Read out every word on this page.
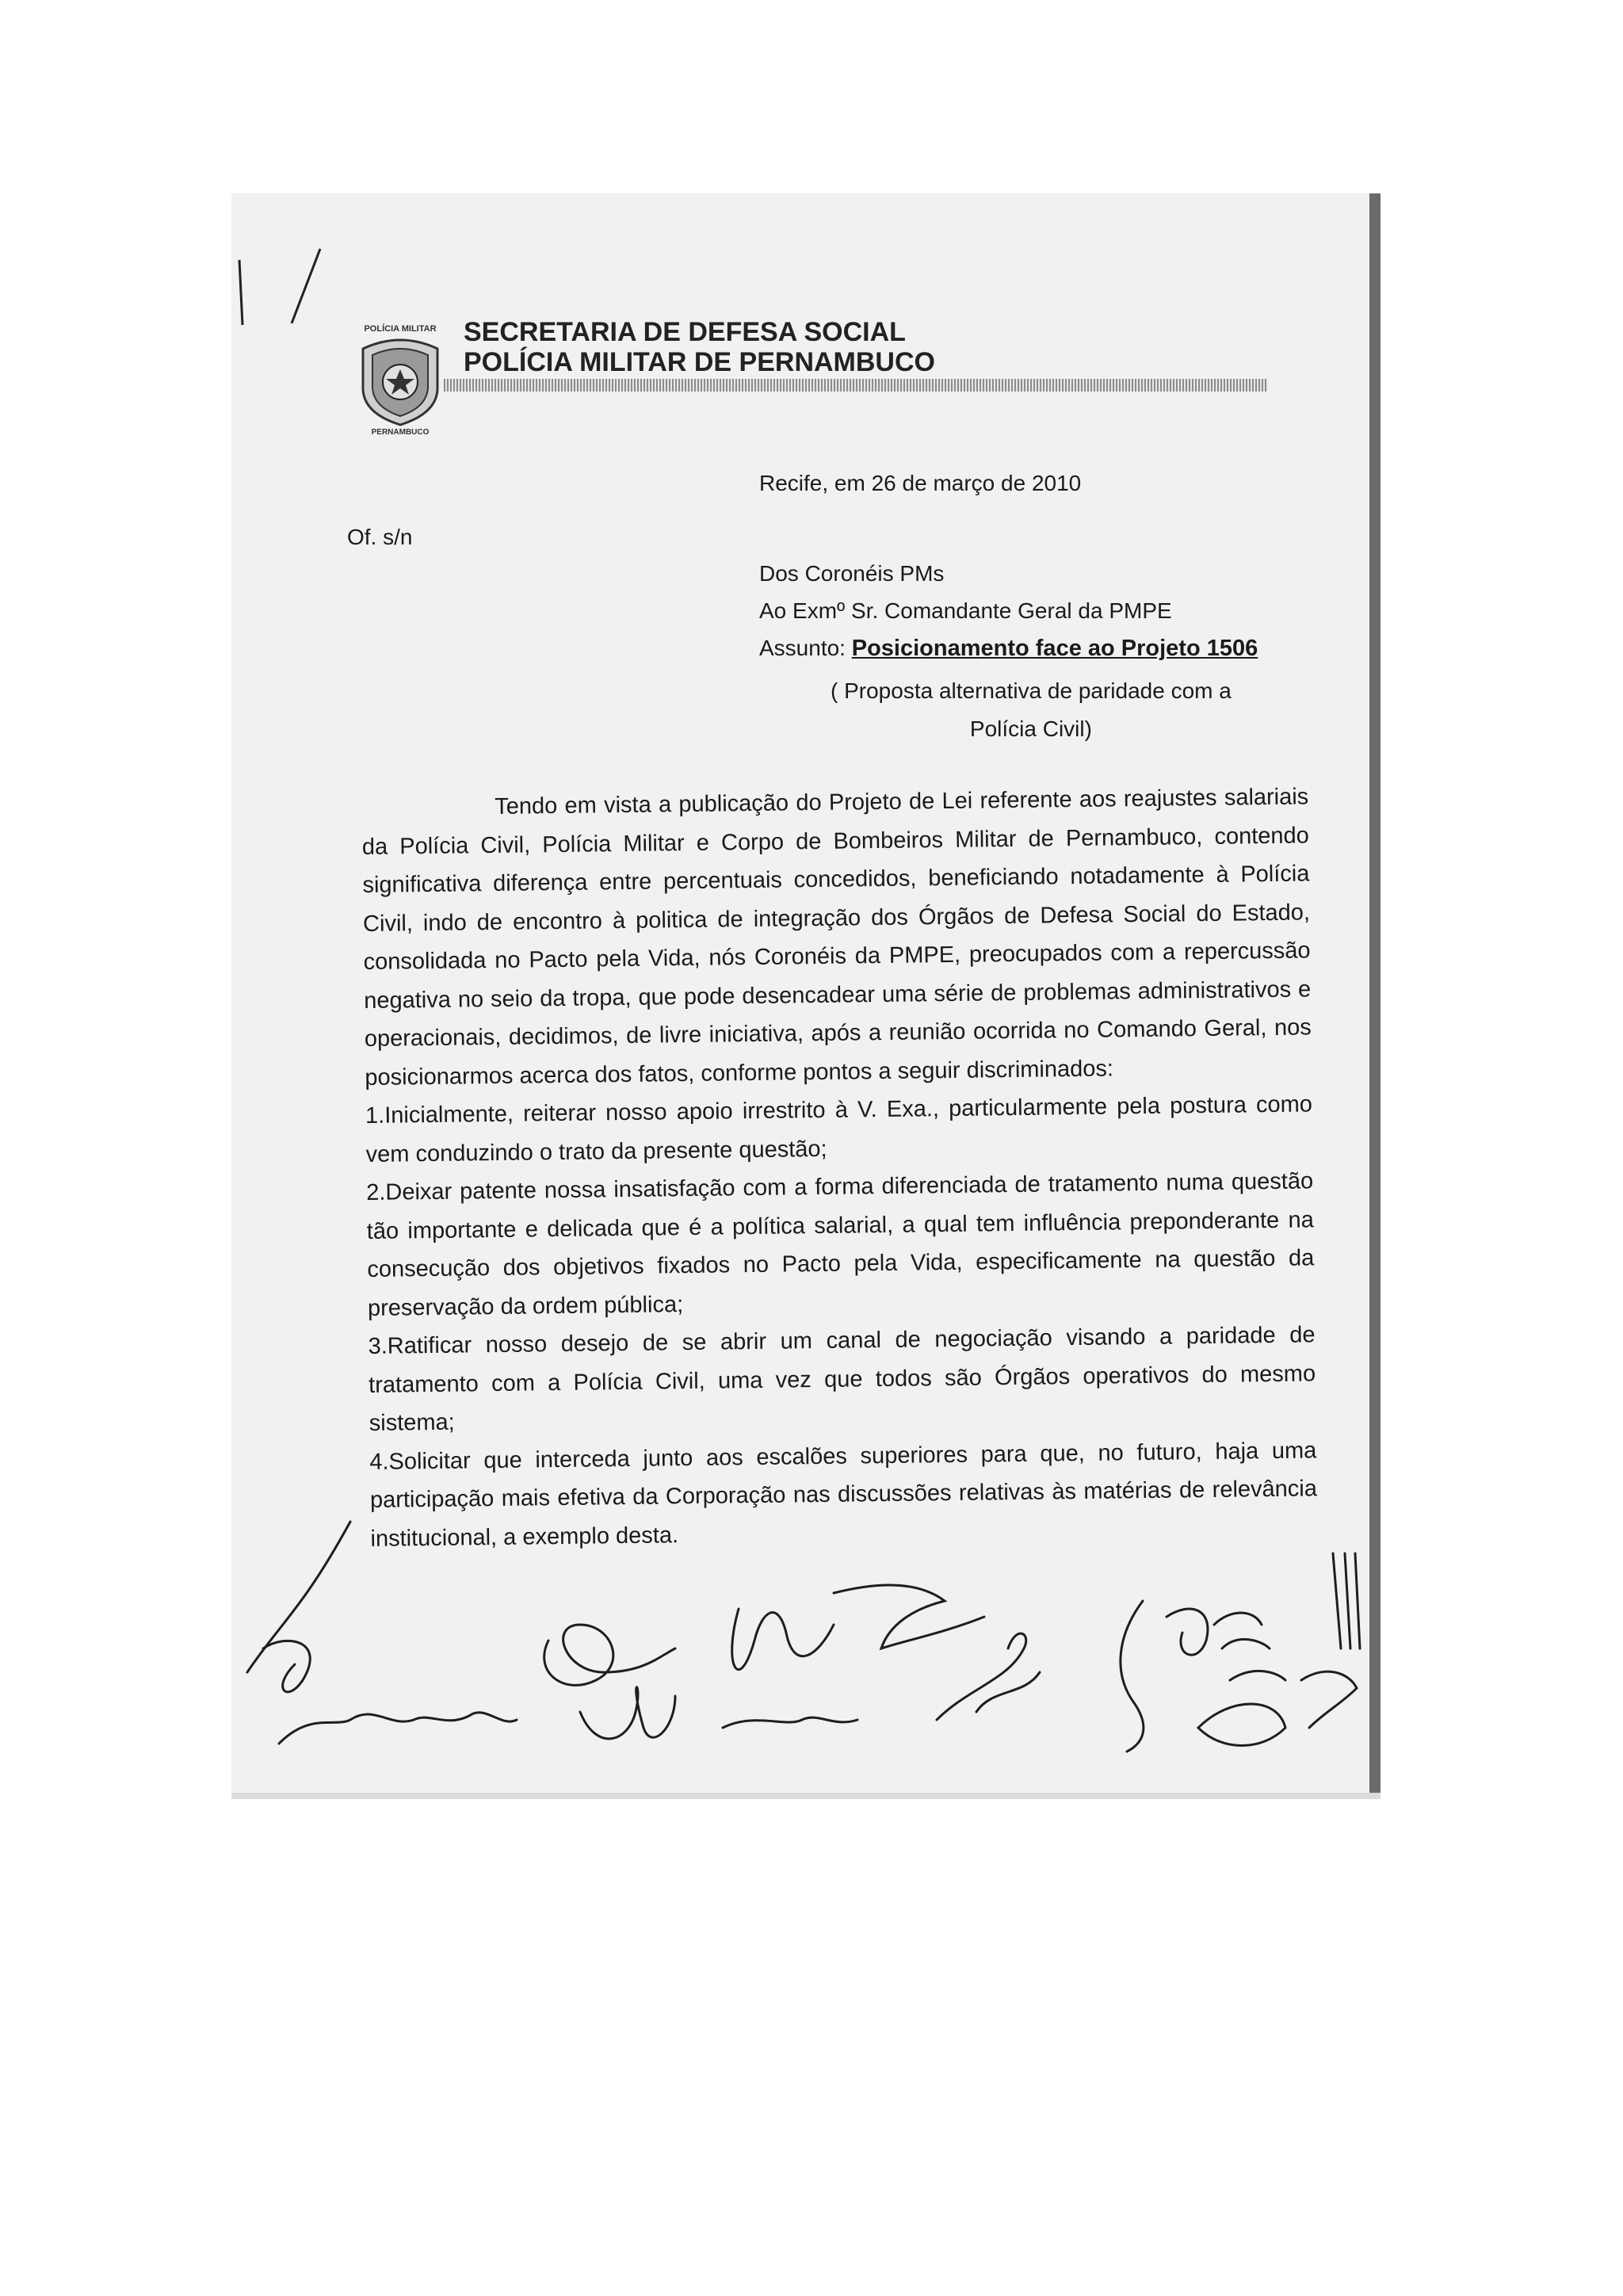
POLÍCIA MILITAR
PERNAMBUCO
SECRETARIA DE DEFESA SOCIAL
POLÍCIA MILITAR DE PERNAMBUCO
Recife, em 26 de março de 2010
Of. s/n
Dos Coronéis PMs
Ao Exmº Sr. Comandante Geral da PMPE
Assunto: Posicionamento face ao Projeto 1506
( Proposta alternativa de paridade com a
Polícia Civil)

Tendo em vista a publicação do Projeto de Lei referente aos reajustes salariais da Polícia Civil, Polícia Militar e Corpo de Bombeiros Militar de Pernambuco, contendo significativa diferença entre percentuais concedidos, beneficiando notadamente à Polícia Civil, indo de encontro à politica de integração dos Órgãos de Defesa Social do Estado, consolidada no Pacto pela Vida, nós Coronéis da PMPE, preocupados com a repercussão negativa no seio da tropa, que pode desencadear uma série de problemas administrativos e operacionais, decidimos, de livre iniciativa, após a reunião ocorrida no Comando Geral, nos posicionarmos acerca dos fatos, conforme pontos a seguir discriminados:

1.Inicialmente, reiterar nosso apoio irrestrito à V. Exa., particularmente pela postura como vem conduzindo o trato da presente questão;

2.Deixar patente nossa insatisfação com a forma diferenciada de tratamento numa questão tão importante e delicada que é a política salarial, a qual tem influência preponderante na consecução dos objetivos fixados no Pacto pela Vida, especificamente na questão da preservação da ordem pública;

3.Ratificar nosso desejo de se abrir um canal de negociação visando a paridade de tratamento com a Polícia Civil, uma vez que todos são Órgãos operativos do mesmo sistema;

4.Solicitar que interceda junto aos escalões superiores para que, no futuro, haja uma participação mais efetiva da Corporação nas discussões relativas às matérias de relevância institucional, a exemplo desta.
